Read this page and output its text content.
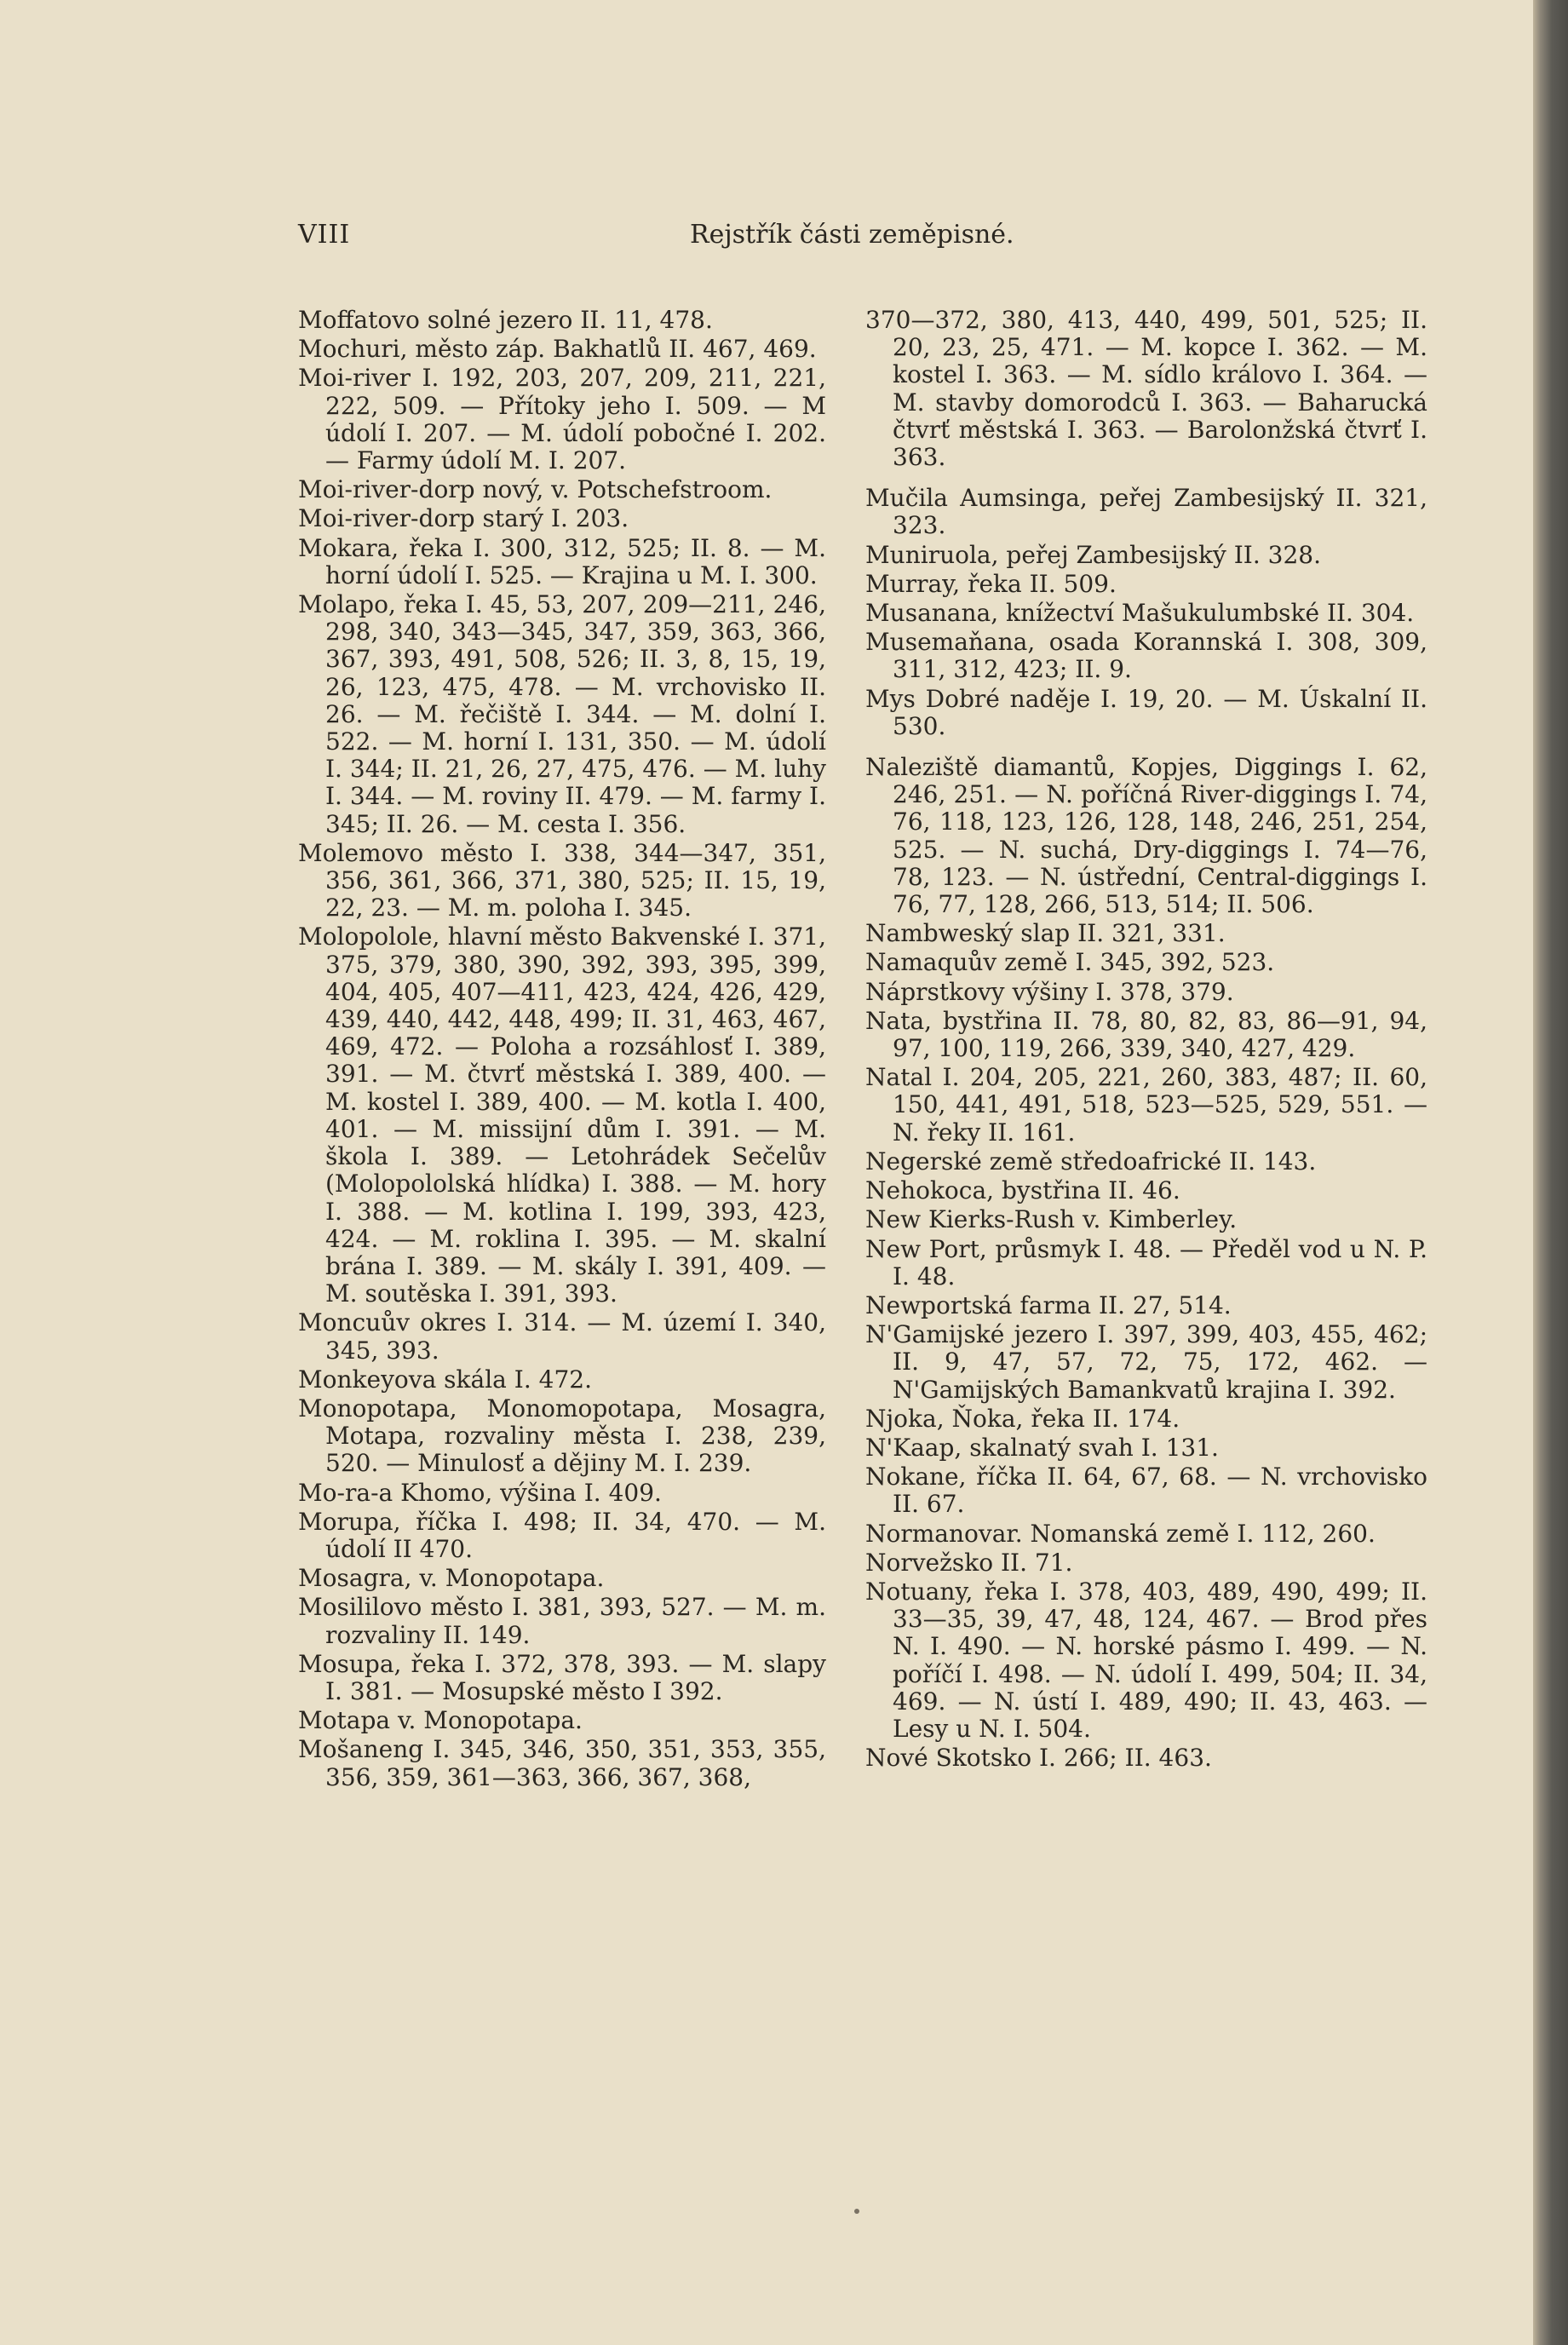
VIII	Rejstřík části zeměpisné.

Moffatovo solné jezero II. 11, 478.

Mochuri, město záp. Bakhatlů II. 467, 469.

Moi-river I. 192, 203, 207, 209, 211, 221, 222, 509. — Přítoky jeho I. 509. — M údolí I. 207. — M. údolí pobočné I. 202. — Farmy údolí M. I. 207.

Moi-river-dorp nový, v. Potschefstroom.

Moi-river-dorp starý I. 203.

Mokara, řeka I. 300, 312, 525; II. 8. — M. horní údolí I. 525. — Krajina u M. I. 300.

Molapo, řeka I. 45, 53, 207, 209—211, 246, 298, 340, 343—345, 347, 359, 363, 366, 367, 393, 491, 508, 526; II. 3, 8, 15, 19, 26, 123, 475, 478. — M. vrchovisko II. 26. — M. řečiště I. 344. — M. dolní I. 522. — M. horní I. 131, 350. — M. údolí I. 344; II. 21, 26, 27, 475, 476. — M. luhy I. 344. — M. roviny II. 479. — M. farmy I. 345; II. 26. — M. cesta I. 356.

Molemovo město I. 338, 344—347, 351, 356, 361, 366, 371, 380, 525; II. 15, 19, 22, 23. — M. m. poloha I. 345.

Molopolole, hlavní město Bakvenské I. 371, 375, 379, 380, 390, 392, 393, 395, 399, 404, 405, 407—411, 423, 424, 426, 429, 439, 440, 442, 448, 499; II. 31, 463, 467, 469, 472. — Poloha a rozsáhlosť I. 389, 391. — M. čtvrť městská I. 389, 400. — M. kostel I. 389, 400. — M. kotla I. 400, 401. — M. missijní dům I. 391. — M. škola I. 389. — Letohrádek Sečelův (Molopololská hlídka) I. 388. — M. hory I. 388. — M. kotlina I. 199, 393, 423, 424. — M. roklina I. 395. — M. skalní brána I. 389. — M. skály I. 391, 409. — M. soutěska I. 391, 393.

Moncuův okres I. 314. — M. území I. 340, 345, 393.

Monkeyova skála I. 472.

Monopotapa, Monomopotapa, Mosagra, Motapa, rozvaliny města I. 238, 239, 520. — Minulosť a dějiny M. I. 239.

Mo-ra-a Khomo, výšina I. 409.

Morupa, říčka I. 498; II. 34, 470. — M. údolí II 470.

Mosagra, v. Monopotapa.

Mosililovo město I. 381, 393, 527. — M. m. rozvaliny II. 149.

Mosupa, řeka I. 372, 378, 393. — M. slapy I. 381. — Mosupské město I 392.

Motapa v. Monopotapa.

Mošaneng I. 345, 346, 350, 351, 353, 355, 356, 359, 361—363, 366, 367, 368,

370—372, 380, 413, 440, 499, 501, 525; II. 20, 23, 25, 471. — M. kopce I. 362. — M. kostel I. 363. — M. sídlo královo I. 364. — M. stavby domorodců I. 363. — Baharucká čtvrť městská I. 363. — Barolonžská čtvrť I. 363.

Mučila Aumsinga, peřej Zambesijský II. 321, 323.

Muniruola, peřej Zambesijský II. 328.

Murray, řeka II. 509.

Musanana, knížectví Mašukulumbské II. 304.

Musemaňana, osada Korannská I. 308, 309, 311, 312, 423; II. 9.

Mys Dobré naděje I. 19, 20. — M. Úskalní II. 530.

Naleziště diamantů, Kopjes, Diggings I. 62, 246, 251. — N. poříčná River-diggings I. 74, 76, 118, 123, 126, 128, 148, 246, 251, 254, 525. — N. suchá, Dry-diggings I. 74—76, 78, 123. — N. ústřední, Central-diggings I. 76, 77, 128, 266, 513, 514; II. 506.

Nambweský slap II. 321, 331.

Namaquův země I. 345, 392, 523.

Náprstkovy výšiny I. 378, 379.

Nata, bystřina II. 78, 80, 82, 83, 86—91, 94, 97, 100, 119, 266, 339, 340, 427, 429.

Natal I. 204, 205, 221, 260, 383, 487; II. 60, 150, 441, 491, 518, 523—525, 529, 551. — N. řeky II. 161.

Negerské země středoafrické II. 143.

Nehokoca, bystřina II. 46.

New Kierks-Rush v. Kimberley.

New Port, průsmyk I. 48. — Předěl vod u N. P. I. 48.

Newportská farma II. 27, 514.

N'Gamijské jezero I. 397, 399, 403, 455, 462; II. 9, 47, 57, 72, 75, 172, 462. — N'Gamijských Bamankvatů krajina I. 392.

Njoka, Ňoka, řeka II. 174.

N'Kaap, skalnatý svah I. 131.

Nokane, říčka II. 64, 67, 68. — N. vrchovisko II. 67.

Normanovar. Nomanská země I. 112, 260.

Norvežsko II. 71.

Notuany, řeka I. 378, 403, 489, 490, 499; II. 33—35, 39, 47, 48, 124, 467. — Brod přes N. I. 490. — N. horské pásmo I. 499. — N. poříčí I. 498. — N. údolí I. 499, 504; II. 34, 469. — N. ústí I. 489, 490; II. 43, 463. — Lesy u N. I. 504.

Nové Skotsko I. 266; II. 463.
